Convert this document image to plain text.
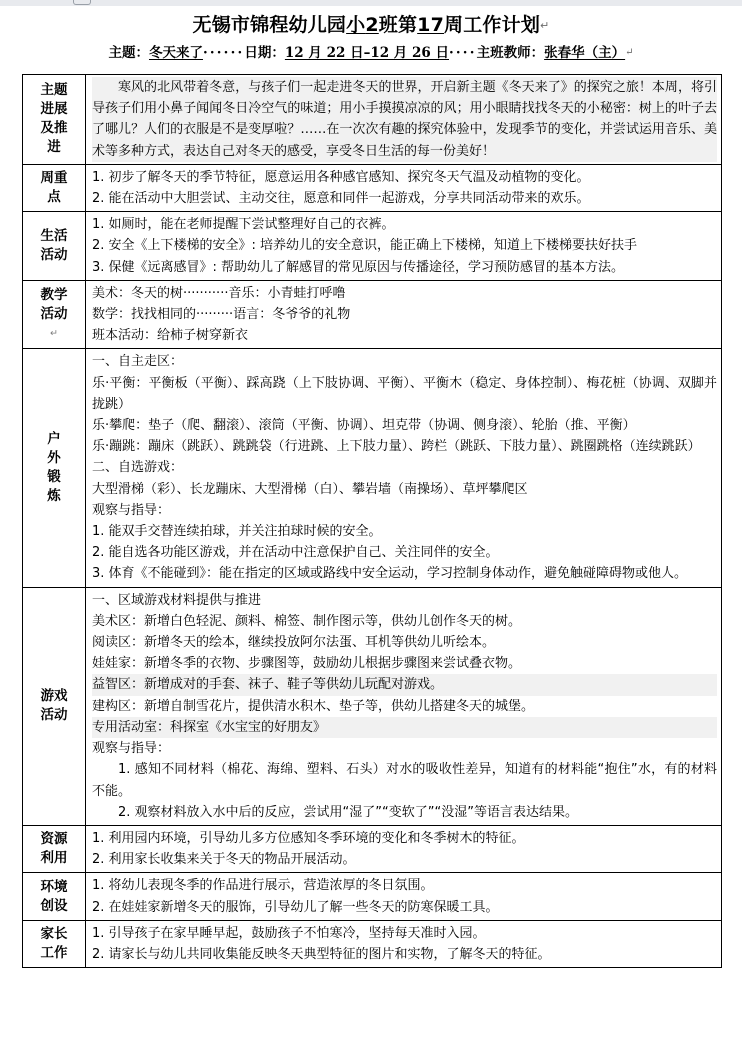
无锡市锦程幼儿园小2班第17周工作计划↵
主题：冬天来了······日期：12 月 22 日–12 月 26 日····主班教师：张春华（主）↵
主题
进展
及推
进	寒风的北风带着冬意，与孩子们一起走进冬天的世界，开启新主题《冬天来了》的探究之旅！本周，将引导孩子们用小鼻子闻闻冬日冷空气的味道；用小手摸摸凉凉的风；用小眼睛找找冬天的小秘密：树上的叶子去了哪儿？人们的衣服是不是变厚啦？……在一次次有趣的探究体验中，发现季节的变化，并尝试运用音乐、美术等多种方式，表达自己对冬天的感受，享受冬日生活的每一份美好！

周重
点	1. 初步了解冬天的季节特征，愿意运用各种感官感知、探究冬天气温及动植物的变化。
2. 能在活动中大胆尝试、主动交往，愿意和同伴一起游戏，分享共同活动带来的欢乐。

生活
活动	1. 如厕时，能在老师提醒下尝试整理好自己的衣裤。
2. 安全《上下楼梯的安全》: 培养幼儿的安全意识，能正确上下楼梯，知道上下楼梯要扶好扶手
3. 保健《远离感冒》: 帮助幼儿了解感冒的常见原因与传播途径，学习预防感冒的基本方法。

教学
活动
↵	美术：冬天的树···········音乐：小青蛙打呼噜
数学：找找相同的·········语言：冬爷爷的礼物
班本活动：给柿子树穿新衣

户
外
锻
炼

一、自主走区：
乐·平衡：平衡板（平衡）、踩高跷（上下肢协调、平衡）、平衡木（稳定、身体控制）、梅花桩（协调、双脚并拢跳）
乐·攀爬：垫子（爬、翻滚）、滚筒（平衡、协调）、坦克带（协调、侧身滚）、轮胎（推、平衡）
乐·蹦跳：蹦床（跳跃）、跳跳袋（行进跳、上下肢力量）、跨栏（跳跃、下肢力量）、跳圈跳格（连续跳跃）
二、自选游戏：
大型滑梯（彩）、长龙蹦床、大型滑梯（白）、攀岩墙（南操场）、草坪攀爬区
观察与指导：
1. 能双手交替连续拍球，并关注拍球时候的安全。
2. 能自选各功能区游戏，并在活动中注意保护自己、关注同伴的安全。
3. 体育《不能碰到》：能在指定的区域或路线中安全运动，学习控制身体动作，避免触碰障碍物或他人。

游戏
活动

一、区域游戏材料提供与推进
美术区：新增白色轻泥、颜料、棉签、制作图示等，供幼儿创作冬天的树。
阅读区：新增冬天的绘本，继续投放阿尔法蛋、耳机等供幼儿听绘本。
娃娃家：新增冬季的衣物、步骤图等，鼓励幼儿根据步骤图来尝试叠衣物。
益智区：新增成对的手套、袜子、鞋子等供幼儿玩配对游戏。
建构区：新增自制雪花片，提供清水积木、垫子等，供幼儿搭建冬天的城堡。
专用活动室：科探室《水宝宝的好朋友》
观察与指导：
1. 感知不同材料（棉花、海绵、塑料、石头）对水的吸收性差异，知道有的材料能“抱住”水，有的材料不能。
2. 观察材料放入水中后的反应，尝试用“湿了”“变软了”“没湿”等语言表达结果。

资源
利用	1. 利用园内环境，引导幼儿多方位感知冬季环境的变化和冬季树木的特征。
2. 利用家长收集来关于冬天的物品开展活动。

环境
创设	1. 将幼儿表现冬季的作品进行展示，营造浓厚的冬日氛围。
2. 在娃娃家新增冬天的服饰，引导幼儿了解一些冬天的防寒保暖工具。

家长
工作	1. 引导孩子在家早睡早起，鼓励孩子不怕寒冷，坚持每天准时入园。
2. 请家长与幼儿共同收集能反映冬天典型特征的图片和实物，了解冬天的特征。
